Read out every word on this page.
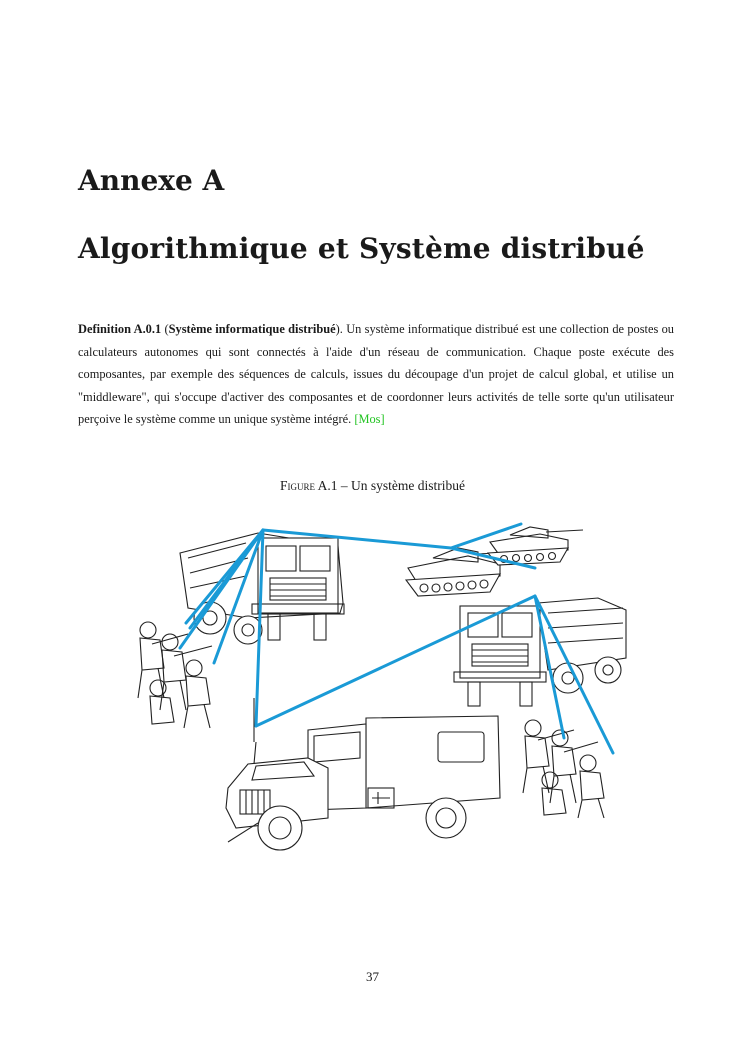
Annexe A
Algorithmique et Système distribué

Definition A.0.1 (Système informatique distribué). Un système informatique distribué est une collection de postes ou calculateurs autonomes qui sont connectés à l'aide d'un réseau de communication. Chaque poste exécute des composantes, par exemple des séquences de calculs, issues du découpage d'un projet de calcul global, et utilise un "middleware", qui s'occupe d'activer des composantes et de coordonner leurs activités de telle sorte qu'un utilisateur perçoive le système comme un unique système intégré. [Mos]

Figure A.1 – Un système distribué
37
